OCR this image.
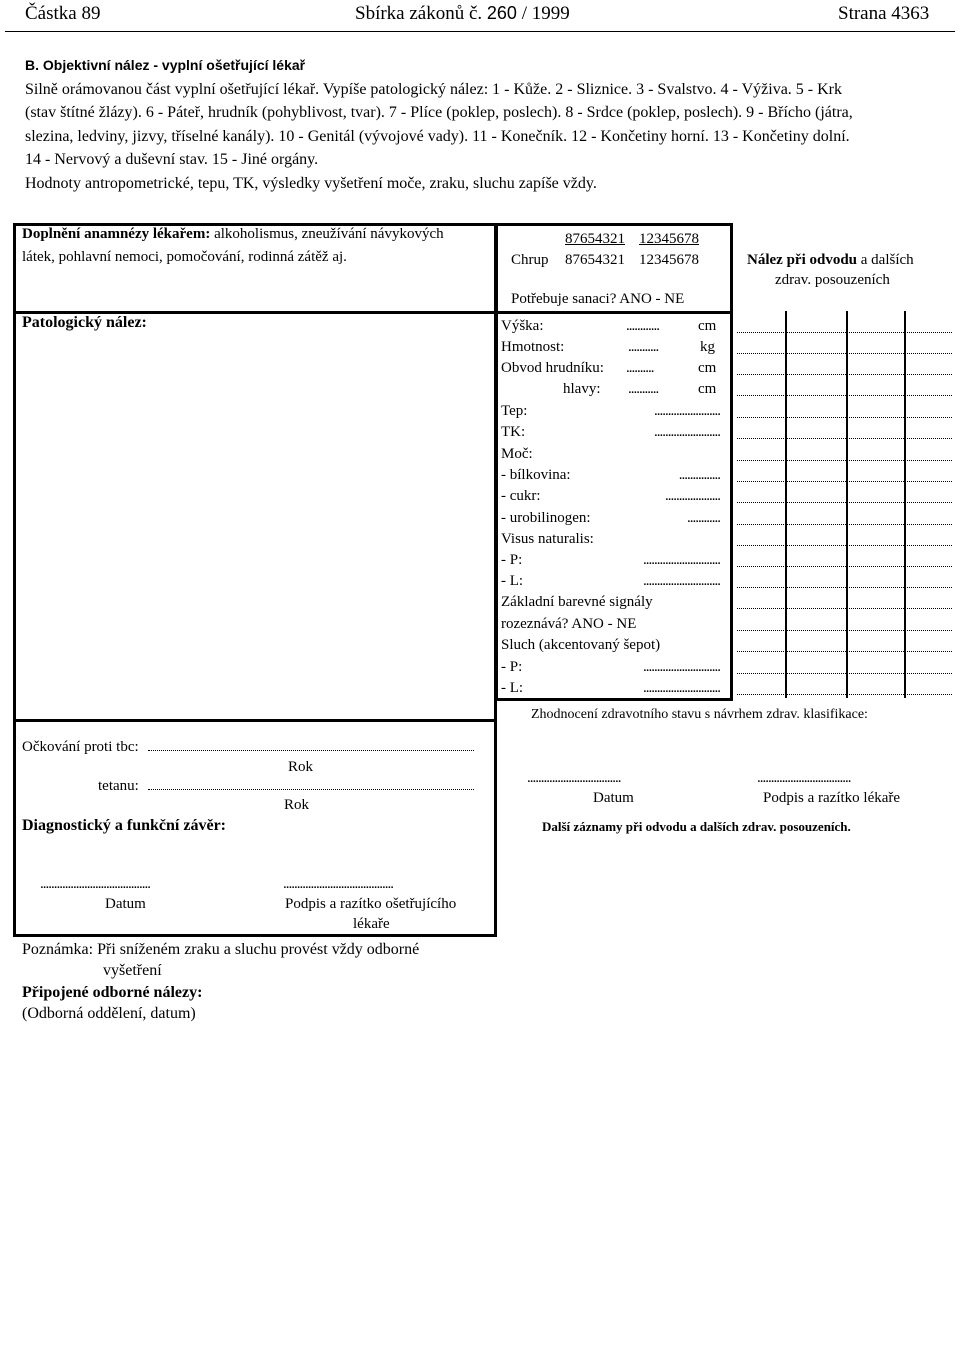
Částka 89	Sbírka zákonů č. 260 / 1999	Strana 4363
B. Objektivní nález - vyplní ošetřující lékař
Silně orámovanou část vyplní ošetřující lékař. Vypíše patologický nález: 1 - Kůže. 2 - Sliznice. 3 - Svalstvo. 4 - Výživa. 5 - Krk
(stav štítné žlázy). 6 - Páteř, hrudník (pohyblivost, tvar). 7 - Plíce (poklep, poslech). 8 - Srdce (poklep, poslech). 9 - Břícho (játra,
slezina, ledviny, jizvy, tříselné kanály). 10 - Genitál (vývojové vady). 11 - Konečník. 12 - Končetiny horní. 13 - Končetiny dolní.
14 - Nervový a duševní stav. 15 - Jiné orgány.
Hodnoty antropometrické, tepu, TK, výsledky vyšetření moče, zraku, sluchu zapíše vždy.
Doplnění anamnézy lékařem: alkoholismus, zneužívání návykových
látek, pohlavní nemoci, pomočování, rodinná zátěž aj.
Patologický nález:
Očkování proti tbc:
Rok
tetanu:
Rok
Diagnostický a funkční závěr:
........................................	........................................
Datum	Podpis a razítko ošetřujícího
lékaře
87654321 12345678
Chrup 87654321 12345678
Potřebuje sanaci? ANO - NE
Výška:	............	cm
Hmotnost:	...........	kg
Obvod hrudníku: ..........	cm
hlavy: ...........	cm
Tep:	........................
TK:	........................
Moč:
- bílkovina:	...............
- cukr:	....................
- urobilinogen:	............
Visus naturalis:
- P:	............................
- L:	............................
Základní barevné signály
rozeznává? ANO - NE
Sluch (akcentovaný šepot)
- P:	............................
- L:	............................
Nález při odvodu a dalších
zdrav. posouzeních
Zhodnocení zdravotního stavu s návrhem zdrav. klasifikace:
..................................	..................................
Datum	Podpis a razítko lékaře
Další záznamy při odvodu a dalších zdrav. posouzeních.
Poznámka: Při sníženém zraku a sluchu provést vždy odborné
vyšetření
Připojené odborné nálezy:
(Odborná oddělení, datum)
